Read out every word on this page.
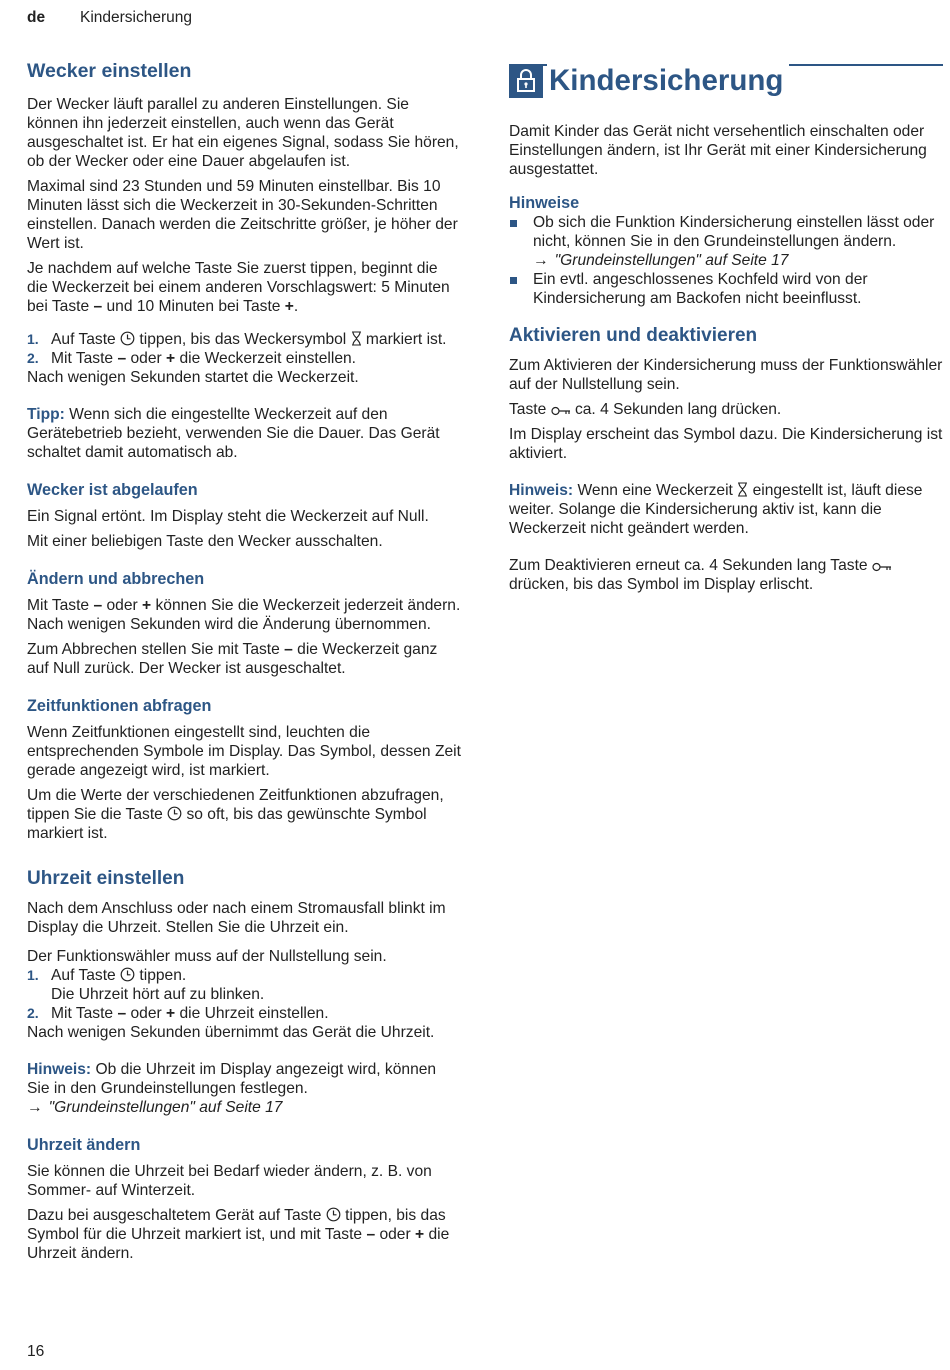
de Kindersicherung
Wecker einstellen

Der Wecker läuft parallel zu anderen Einstellungen. Sie können ihn jederzeit einstellen, auch wenn das Gerät ausgeschaltet ist. Er hat ein eigenes Signal, sodass Sie hören, ob der Wecker oder eine Dauer abgelaufen ist.

Maximal sind 23 Stunden und 59 Minuten einstellbar. Bis 10 Minuten lässt sich die Weckerzeit in 30-Sekunden-Schritten einstellen. Danach werden die Zeitschritte größer, je höher der Wert ist.

Je nachdem auf welche Taste Sie zuerst tippen, beginnt die die Weckerzeit bei einem anderen Vorschlagswert: 5 Minuten bei Taste – und 10 Minuten bei Taste +.

1. Auf Taste  tippen, bis das Weckersymbol  markiert ist.
2. Mit Taste – oder + die Weckerzeit einstellen.

Nach wenigen Sekunden startet die Weckerzeit.

Tipp: Wenn sich die eingestellte Weckerzeit auf den Gerätebetrieb bezieht, verwenden Sie die Dauer. Das Gerät schaltet damit automatisch ab.

Wecker ist abgelaufen

Ein Signal ertönt. Im Display steht die Weckerzeit auf Null.

Mit einer beliebigen Taste den Wecker ausschalten.

Ändern und abbrechen

Mit Taste – oder + können Sie die Weckerzeit jederzeit ändern. Nach wenigen Sekunden wird die Änderung übernommen.

Zum Abbrechen stellen Sie mit Taste – die Weckerzeit ganz auf Null zurück. Der Wecker ist ausgeschaltet.

Zeitfunktionen abfragen

Wenn Zeitfunktionen eingestellt sind, leuchten die entsprechenden Symbole im Display. Das Symbol, dessen Zeit gerade angezeigt wird, ist markiert.

Um die Werte der verschiedenen Zeitfunktionen abzufragen, tippen Sie die Taste  so oft, bis das gewünschte Symbol markiert ist.

Uhrzeit einstellen

Nach dem Anschluss oder nach einem Stromausfall blinkt im Display die Uhrzeit. Stellen Sie die Uhrzeit ein.

Der Funktionswähler muss auf der Nullstellung sein.

1. Auf Taste  tippen.
Die Uhrzeit hört auf zu blinken.
2. Mit Taste – oder + die Uhrzeit einstellen.

Nach wenigen Sekunden übernimmt das Gerät die Uhrzeit.

Hinweis: Ob die Uhrzeit im Display angezeigt wird, können Sie in den Grundeinstellungen festlegen.

→ "Grundeinstellungen" auf Seite 17

Uhrzeit ändern

Sie können die Uhrzeit bei Bedarf wieder ändern, z. B. von Sommer- auf Winterzeit.

Dazu bei ausgeschaltetem Gerät auf Taste  tippen, bis das Symbol für die Uhrzeit markiert ist, und mit Taste – oder + die Uhrzeit ändern.

Kindersicherung

Damit Kinder das Gerät nicht versehentlich einschalten oder Einstellungen ändern, ist Ihr Gerät mit einer Kindersicherung ausgestattet.

Hinweise
Ob sich die Funktion Kindersicherung einstellen lässt oder nicht, können Sie in den Grundeinstellungen ändern.
→ "Grundeinstellungen" auf Seite 17
Ein evtl. angeschlossenes Kochfeld wird von der Kindersicherung am Backofen nicht beeinflusst.
Aktivieren und deaktivieren

Zum Aktivieren der Kindersicherung muss der Funktionswähler auf der Nullstellung sein.

Taste  ca. 4 Sekunden lang drücken.

Im Display erscheint das Symbol dazu. Die Kindersicherung ist aktiviert.

Hinweis: Wenn eine Weckerzeit  eingestellt ist, läuft diese weiter. Solange die Kindersicherung aktiv ist, kann die Weckerzeit nicht geändert werden.

Zum Deaktivieren erneut ca. 4 Sekunden lang Taste  drücken, bis das Symbol im Display erlischt.

16
